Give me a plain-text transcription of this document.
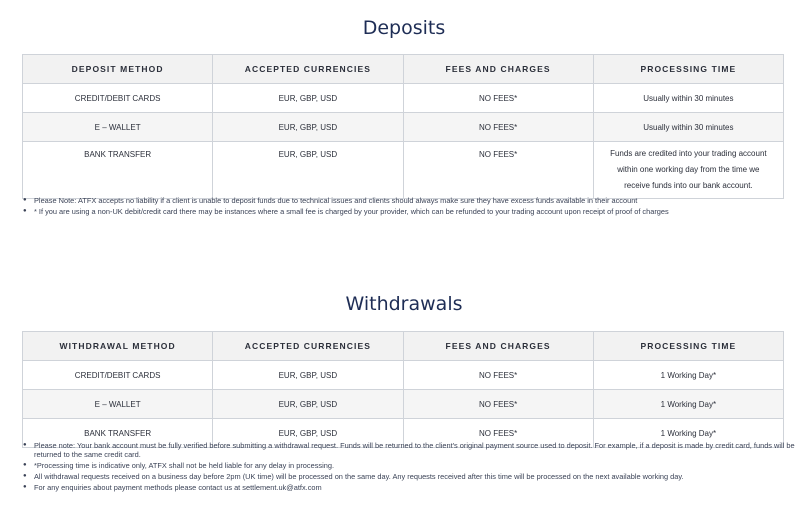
Deposits
DEPOSIT METHOD	ACCEPTED CURRENCIES	FEES AND CHARGES	PROCESSING TIME
CREDIT/DEBIT CARDS	EUR, GBP, USD	NO FEES*	Usually within 30 minutes
E – WALLET	EUR, GBP, USD	NO FEES*	Usually within 30 minutes
BANK TRANSFER	EUR, GBP, USD	NO FEES*	Funds are credited into your trading account within one working day from the time we receive funds into our bank account.
● Please Note: ATFX accepts no liability if a client is unable to deposit funds due to technical issues and clients should always make sure they have excess funds available in their account
● * If you are using a non-UK debit/credit card there may be instances where a small fee is charged by your provider, which can be refunded to your trading account upon receipt of proof of charges
Withdrawals
WITHDRAWAL METHOD	ACCEPTED CURRENCIES	FEES AND CHARGES	PROCESSING TIME
CREDIT/DEBIT CARDS	EUR, GBP, USD	NO FEES*	1 Working Day*
E – WALLET	EUR, GBP, USD	NO FEES*	1 Working Day*
BANK TRANSFER	EUR, GBP, USD	NO FEES*	1 Working Day*
● Please note: Your bank account must be fully verified before submitting a withdrawal request. Funds will be returned to the client's original payment source used to deposit. For example, if a deposit is made by credit card, funds will be returned to the same credit card.
● *Processing time is indicative only, ATFX shall not be held liable for any delay in processing.
● All withdrawal requests received on a business day before 2pm (UK time) will be processed on the same day. Any requests received after this time will be processed on the next available working day.
● For any enquiries about payment methods please contact us at settlement.uk@atfx.com
